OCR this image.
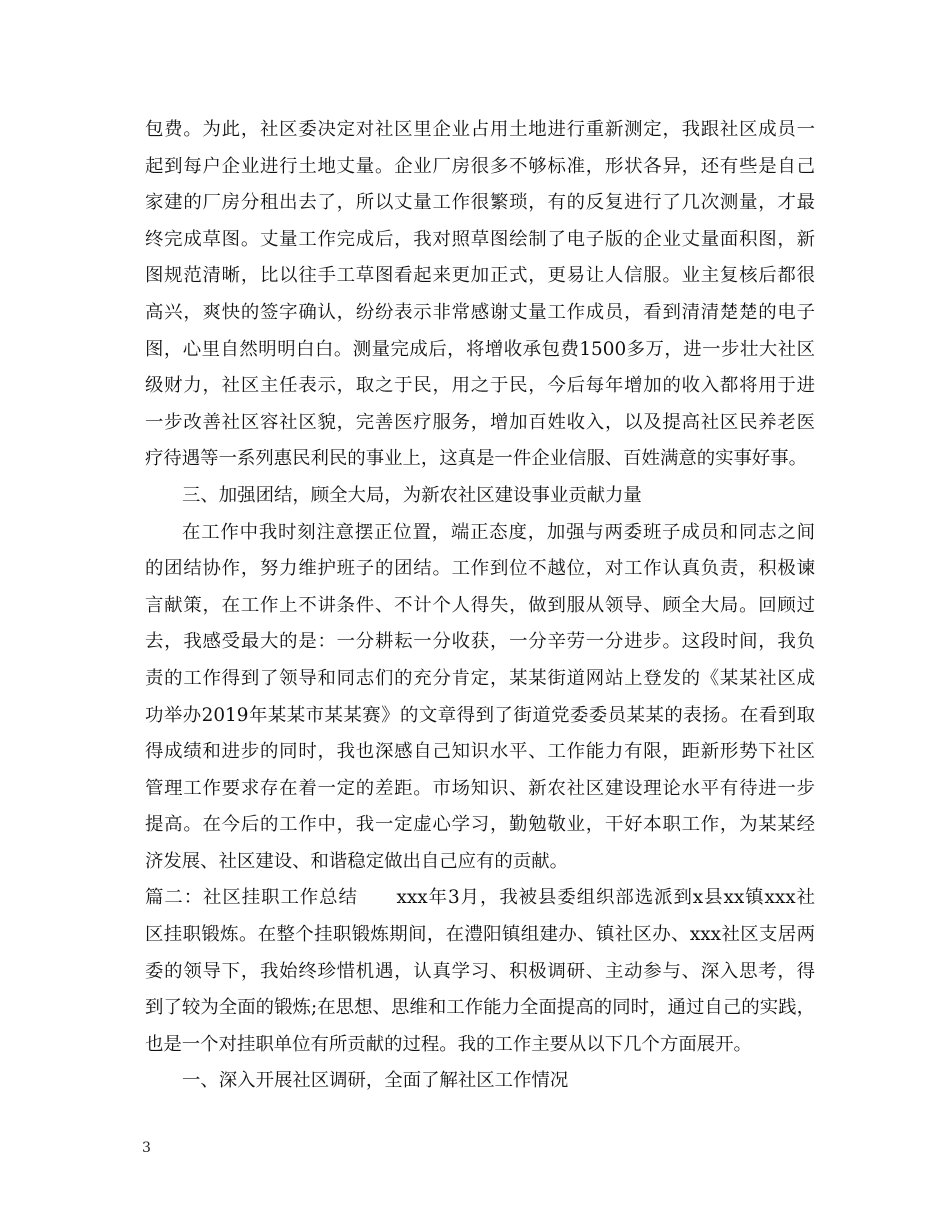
包费。为此，社区委决定对社区里企业占用土地进行重新测定，我跟社区成员一
起到每户企业进行土地丈量。企业厂房很多不够标准，形状各异，还有些是自己
家建的厂房分租出去了，所以丈量工作很繁琐，有的反复进行了几次测量，才最
终完成草图。丈量工作完成后，我对照草图绘制了电子版的企业丈量面积图，新
图规范清晰，比以往手工草图看起来更加正式，更易让人信服。业主复核后都很
高兴，爽快的签字确认，纷纷表示非常感谢丈量工作成员，看到清清楚楚的电子
图，心里自然明明白白。测量完成后，将增收承包费1500多万，进一步壮大社区
级财力，社区主任表示，取之于民，用之于民，今后每年增加的收入都将用于进
一步改善社区容社区貌，完善医疗服务，增加百姓收入，以及提高社区民养老医
疗待遇等一系列惠民利民的事业上，这真是一件企业信服、百姓满意的实事好事。
三、加强团结，顾全大局，为新农社区建设事业贡献力量
在工作中我时刻注意摆正位置，端正态度，加强与两委班子成员和同志之间
的团结协作，努力维护班子的团结。工作到位不越位，对工作认真负责，积极谏
言献策，在工作上不讲条件、不计个人得失，做到服从领导、顾全大局。回顾过
去，我感受最大的是：一分耕耘一分收获，一分辛劳一分进步。这段时间，我负
责的工作得到了领导和同志们的充分肯定，某某街道网站上登发的《某某社区成
功举办2019年某某市某某赛》的文章得到了街道党委委员某某的表扬。在看到取
得成绩和进步的同时，我也深感自己知识水平、工作能力有限，距新形势下社区
管理工作要求存在着一定的差距。市场知识、新农社区建设理论水平有待进一步
提高。在今后的工作中，我一定虚心学习，勤勉敬业，干好本职工作，为某某经
济发展、社区建设、和谐稳定做出自己应有的贡献。
篇二：社区挂职工作总结　　xxx年3月，我被县委组织部选派到x县xx镇xxx社
区挂职锻炼。在整个挂职锻炼期间，在澧阳镇组建办、镇社区办、xxx社区支居两
委的领导下，我始终珍惜机遇，认真学习、积极调研、主动参与、深入思考，得
到了较为全面的锻炼;在思想、思维和工作能力全面提高的同时，通过自己的实践，
也是一个对挂职单位有所贡献的过程。我的工作主要从以下几个方面展开。
一、深入开展社区调研，全面了解社区工作情况
3
